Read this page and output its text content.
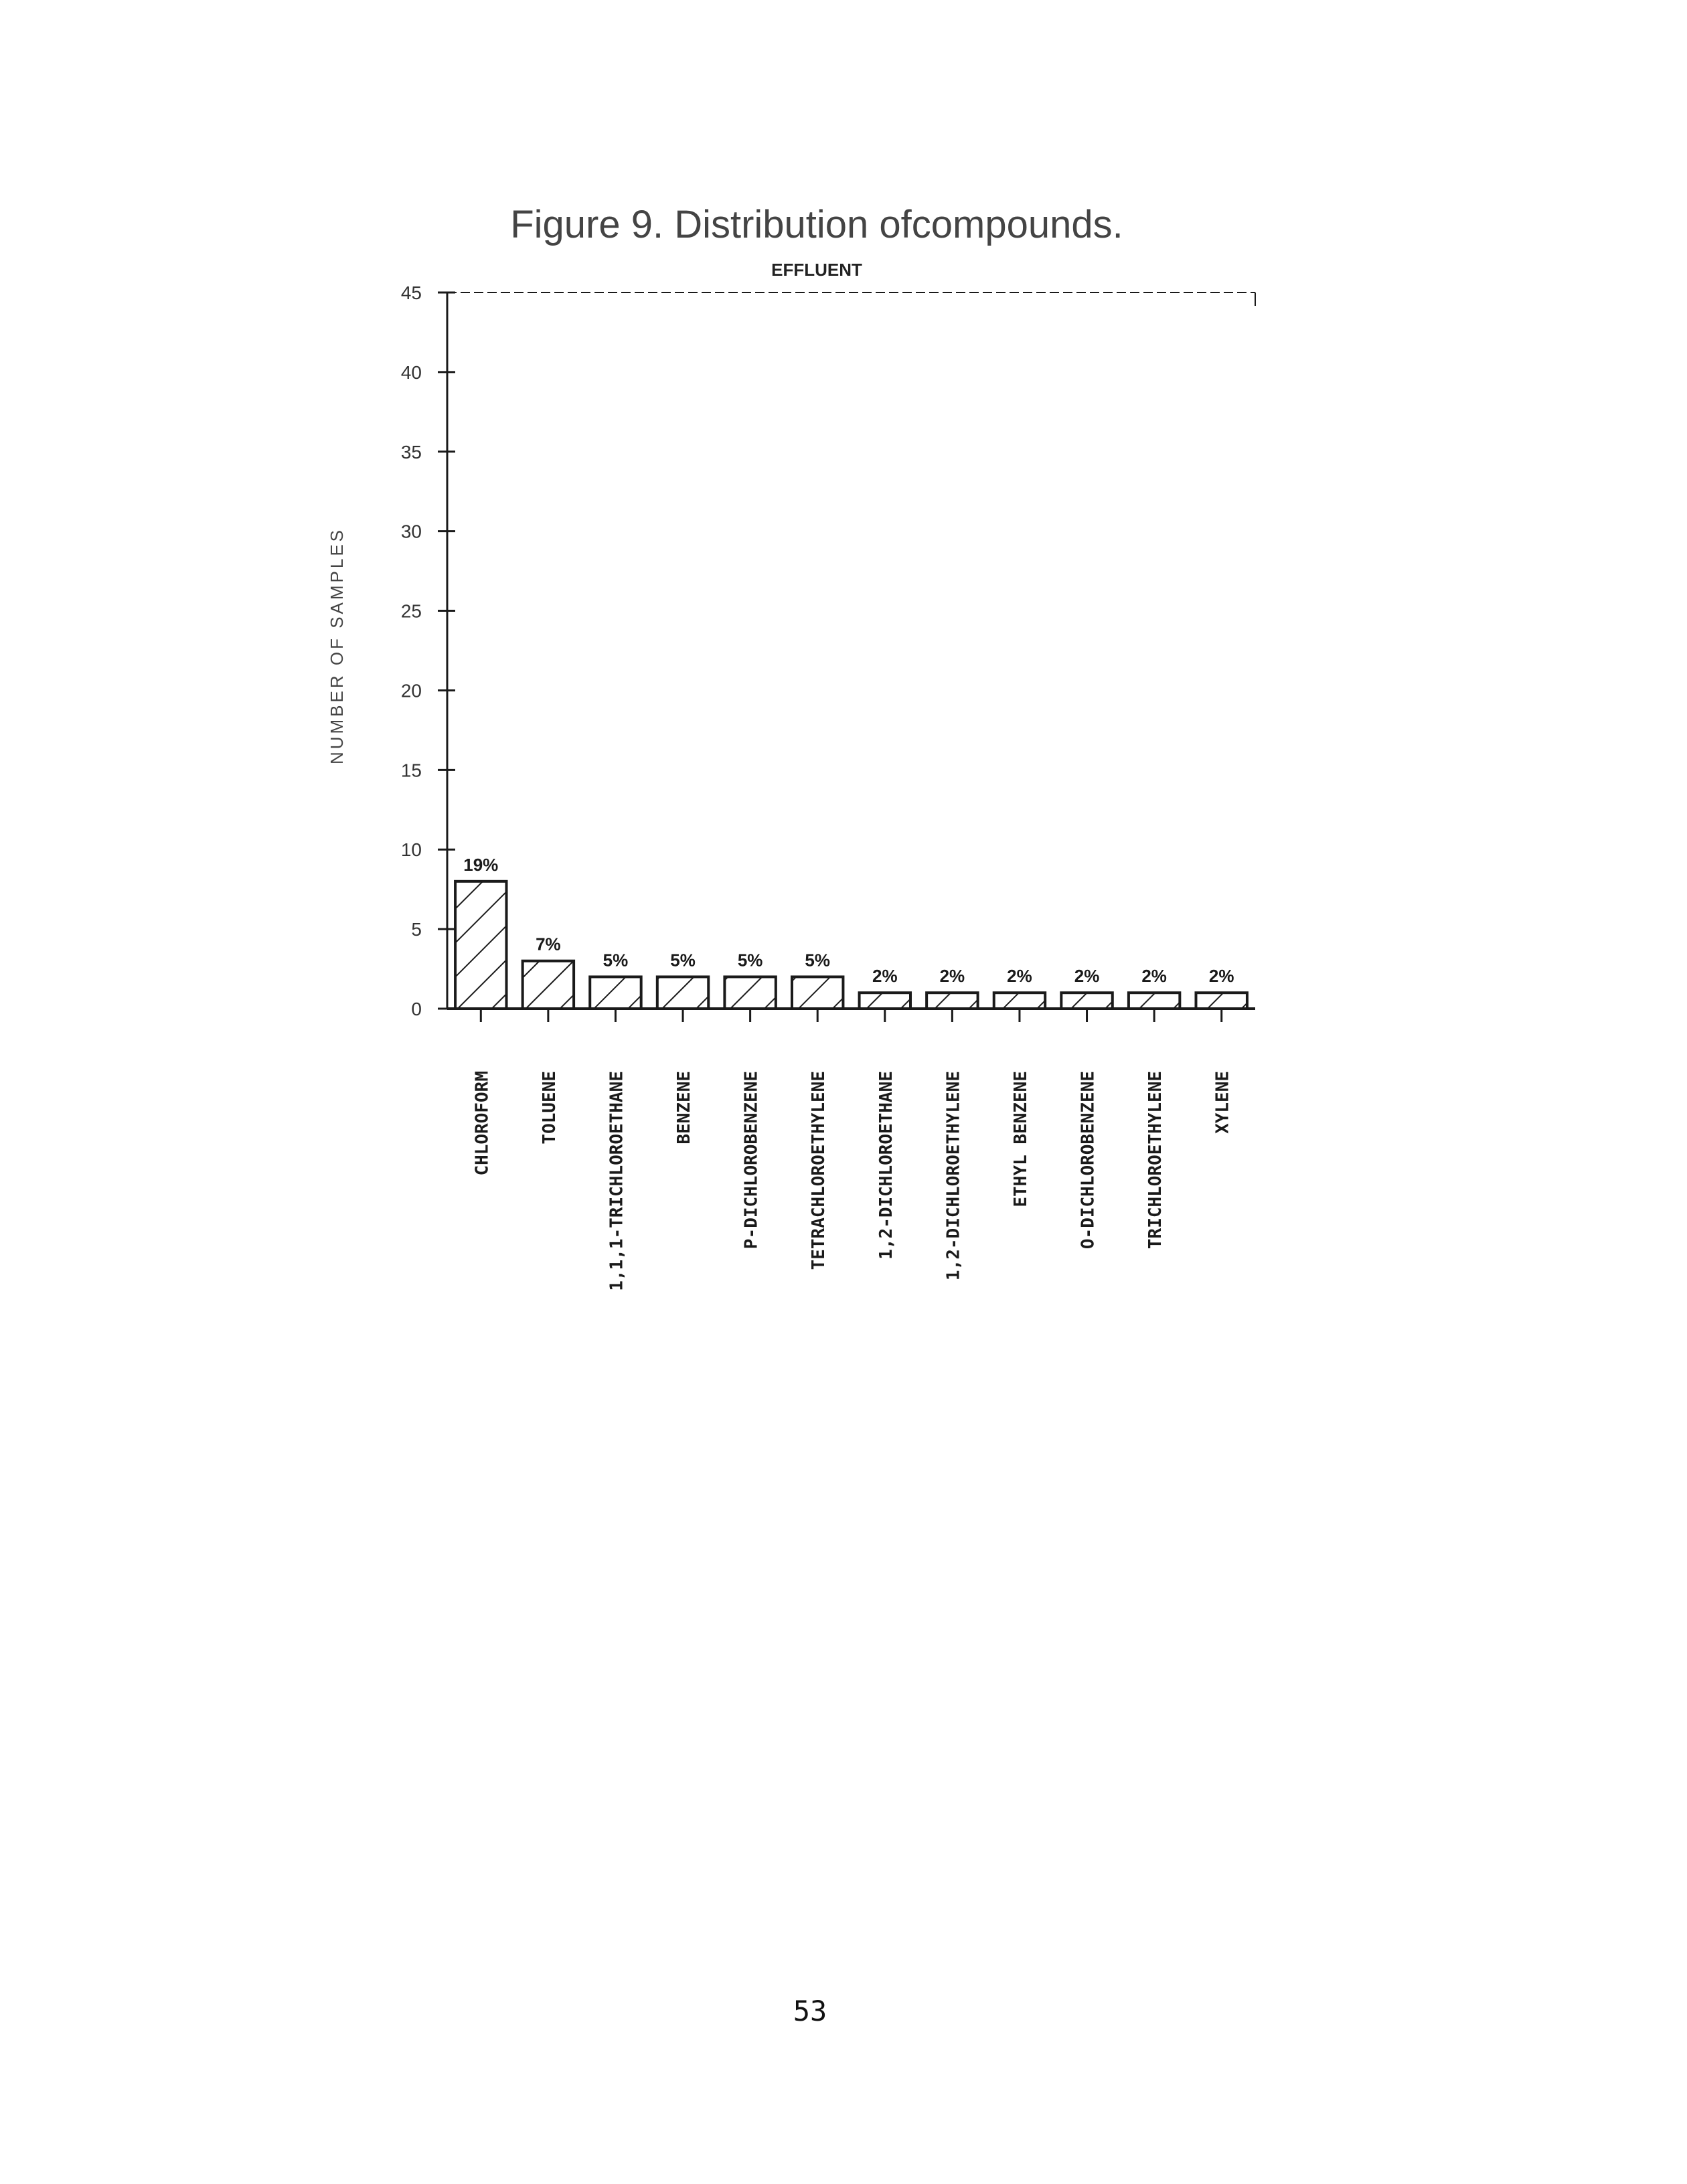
Figure 9. Distribution ofcompounds.
EFFLUENT
NUMBER OF SAMPLES
0
5
10
15
20
25
30
35
40
45
19%
7%
5% 5% 5% 5%
2% 2% 2% 2% 2% 2%
CHLOROFORM	TOLUENE	1,1,1-TRICHLOROETHANE	BENZENE	P-DICHLOROBENZENE	TETRACHLOROETHYLENE	1,2-DICHLOROETHANE	1,2-DICHLOROETHYLENE	ETHYL BENZENE	O-DICHLOROBENZENE	TRICHLOROETHYLENE	XYLENE
53
